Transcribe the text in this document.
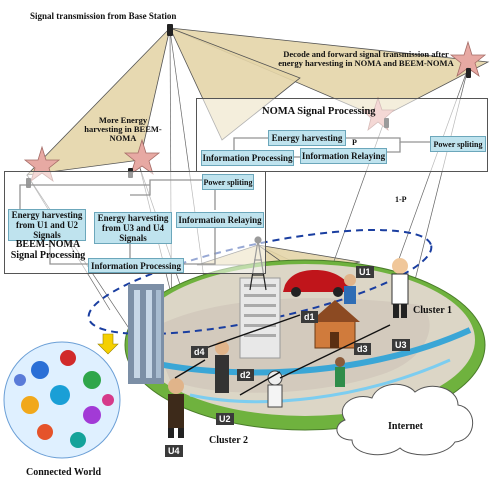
Signal transmission from Base Station
More Energy harvesting in BEEM-NOMA
Decode and forward signal transmission after energy harvesting in NOMA and BEEM-NOMA
NOMA Signal Processing
Energy harvesting	P	Power spliting
Information Processing Information Relaying
1-P
Power spliting
Energy harvesting from U1 and U2 Signals
Energy harvesting from U3 and U4 Signals
Information Relaying
BEEM-NOMA Signal Processing
Information Processing
U1
U3
U2
U4
d1
d4
d2
d3
Cluster 1
Cluster 2
Internet
Connected World
